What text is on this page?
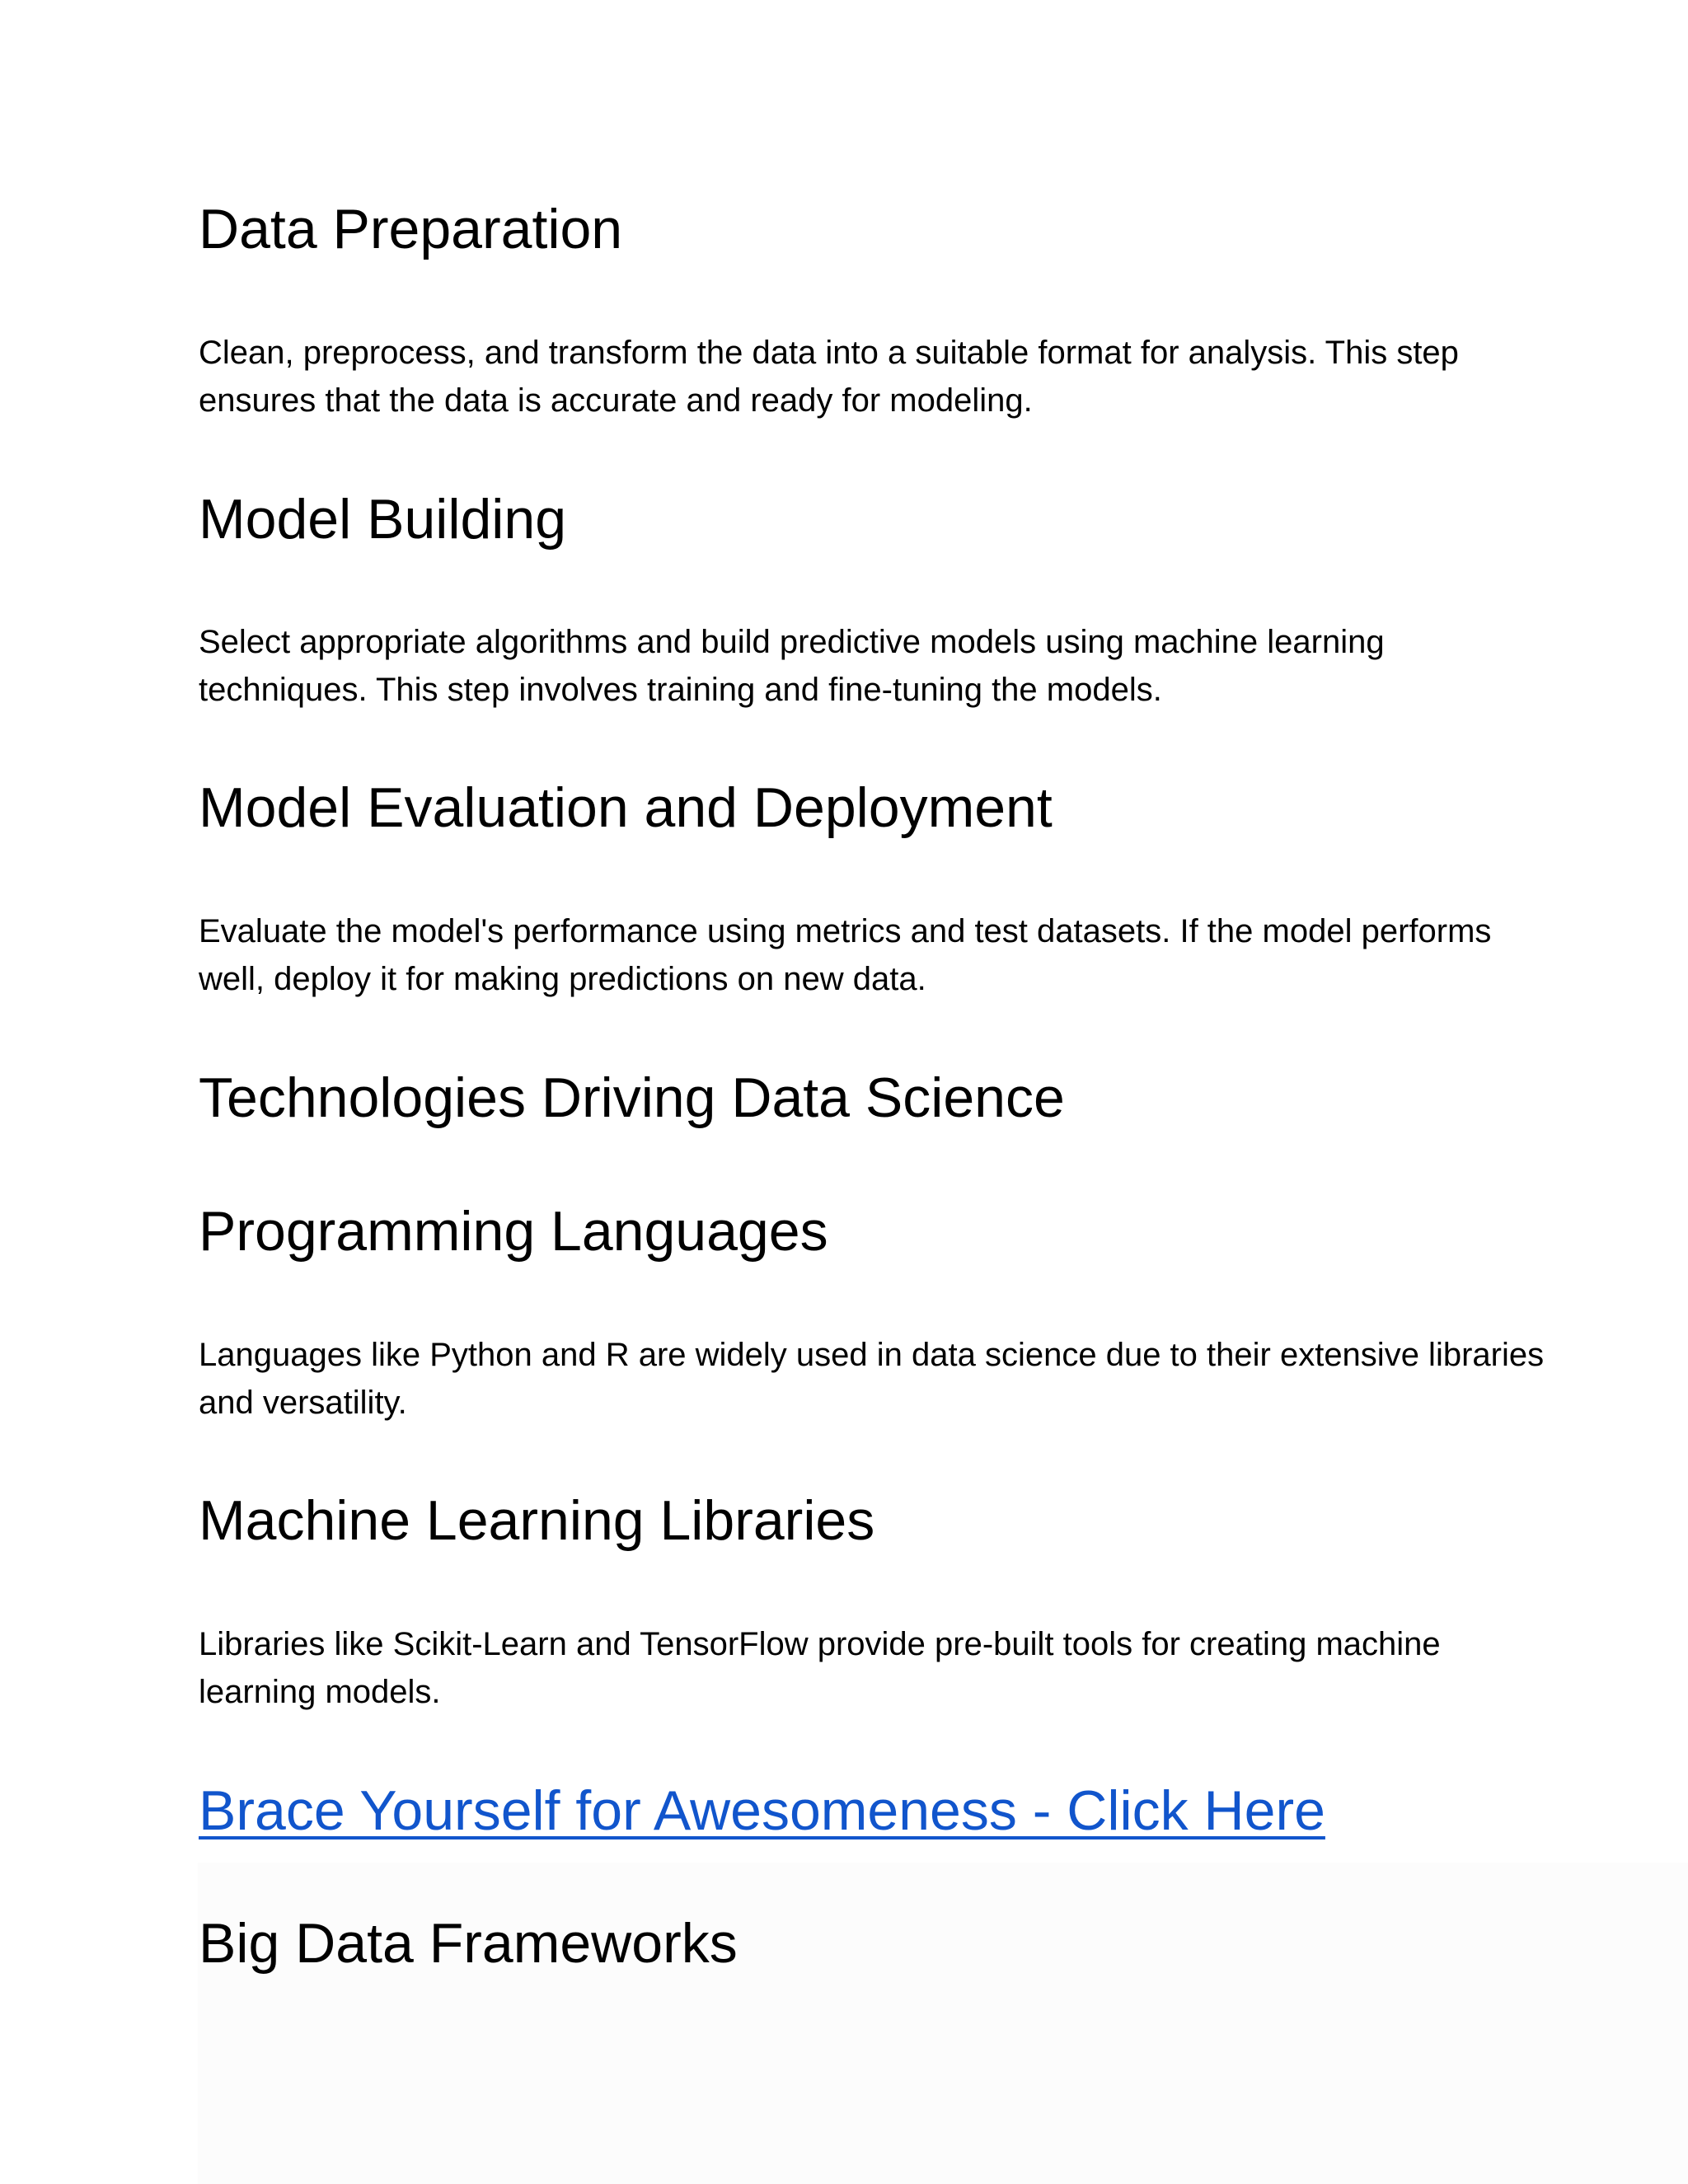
Data Preparation

Clean, preprocess, and transform the data into a suitable format for analysis. This step ensures that the data is accurate and ready for modeling.

Model Building

Select appropriate algorithms and build predictive models using machine learning techniques. This step involves training and fine-tuning the models.

Model Evaluation and Deployment

Evaluate the model's performance using metrics and test datasets. If the model performs well, deploy it for making predictions on new data.

Technologies Driving Data Science
Programming Languages

Languages like Python and R are widely used in data science due to their extensive libraries and versatility.

Machine Learning Libraries

Libraries like Scikit-Learn and TensorFlow provide pre-built tools for creating machine learning models.

Brace Yourself for Awesomeness - Click Here
Big Data Frameworks
